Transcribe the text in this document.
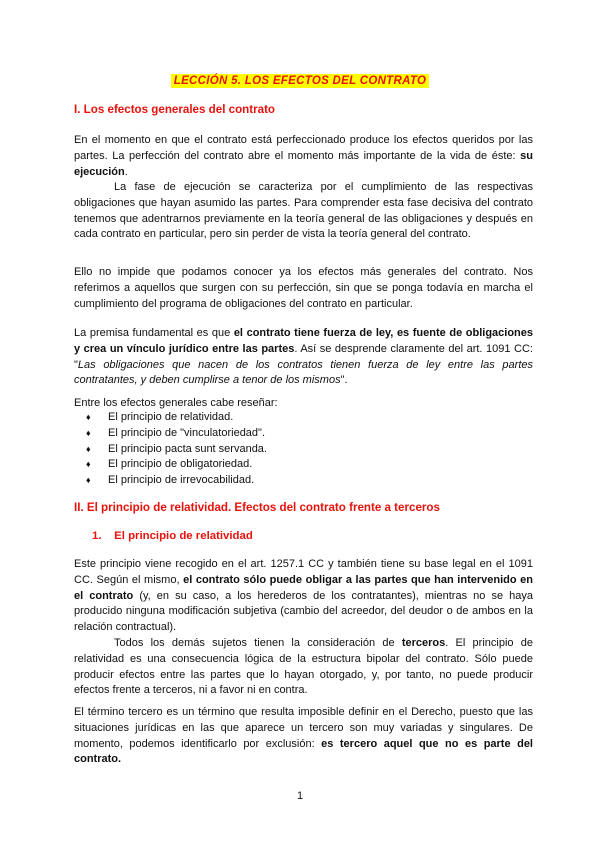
LECCIÓN 5. LOS EFECTOS DEL CONTRATO
I. Los efectos generales del contrato

En el momento en que el contrato está perfeccionado produce los efectos queridos por las partes. La perfección del contrato abre el momento más importante de la vida de éste: su ejecución.

La fase de ejecución se caracteriza por el cumplimiento de las respectivas obligaciones que hayan asumido las partes. Para comprender esta fase decisiva del contrato tenemos que adentrarnos previamente en la teoría general de las obligaciones y después en cada contrato en particular, pero sin perder de vista la teoría general del contrato.

Ello no impide que podamos conocer ya los efectos más generales del contrato. Nos referimos a aquellos que surgen con su perfección, sin que se ponga todavía en marcha el cumplimiento del programa de obligaciones del contrato en particular.

La premisa fundamental es que el contrato tiene fuerza de ley, es fuente de obligaciones y crea un vínculo jurídico entre las partes. Así se desprende claramente del art. 1091 CC: "Las obligaciones que nacen de los contratos tienen fuerza de ley entre las partes contratantes, y deben cumplirse a tenor de los mismos".

Entre los efectos generales cabe reseñar:

♦ El principio de relatividad.
♦ El principio de "vinculatoriedad".
♦ El principio pacta sunt servanda.
♦ El principio de obligatoriedad.
♦ El principio de irrevocabilidad.
II. El principio de relatividad. Efectos del contrato frente a terceros
1.    El principio de relatividad

Este principio viene recogido en el art. 1257.1 CC y también tiene su base legal en el 1091 CC. Según el mismo, el contrato sólo puede obligar a las partes que han intervenido en el contrato (y, en su caso, a los herederos de los contratantes), mientras no se haya producido ninguna modificación subjetiva (cambio del acreedor, del deudor o de ambos en la relación contractual).

Todos los demás sujetos tienen la consideración de terceros. El principio de relatividad es una consecuencia lógica de la estructura bipolar del contrato. Sólo puede producir efectos entre las partes que lo hayan otorgado, y, por tanto, no puede producir efectos frente a terceros, ni a favor ni en contra.

El término tercero es un término que resulta imposible definir en el Derecho, puesto que las situaciones jurídicas en las que aparece un tercero son muy variadas y singulares. De momento, podemos identificarlo por exclusión: es tercero aquel que no es parte del contrato.

1
